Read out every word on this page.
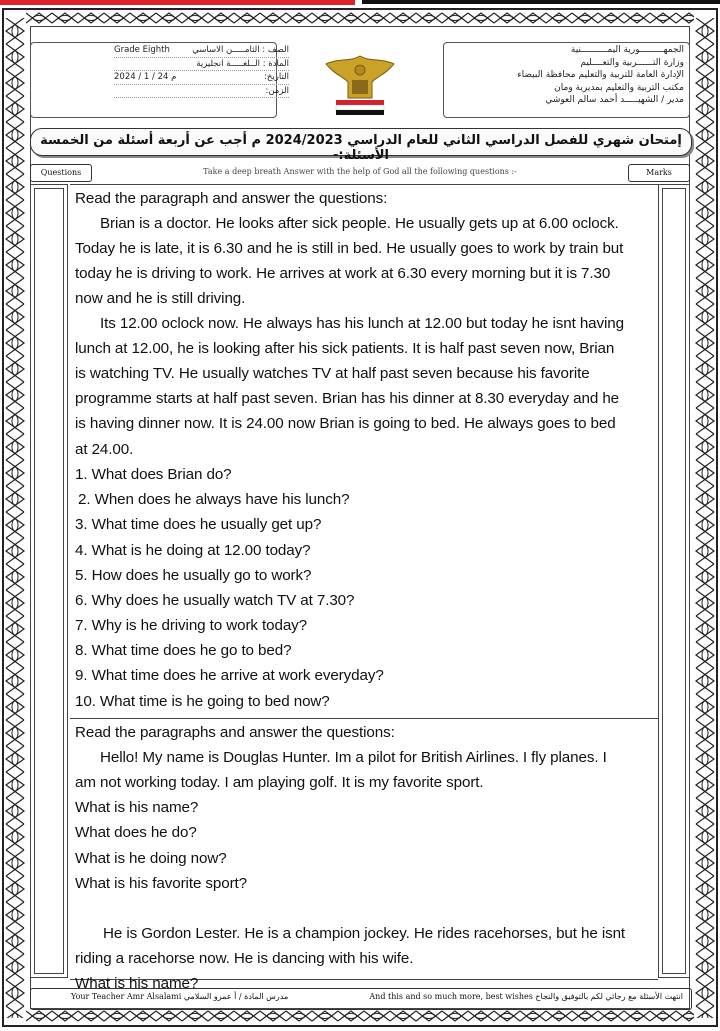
الجمهـــــــــورية اليمــــــــــنية
وزارة التــــــربية والتعــــليم
الإدارة العامة للتربية والتعليم محافظة البيضاء
مكتب التربية والتعليم بمديرية ومان
مدير / الشهيـــــد أحمد سالم العوشي
Grade Eighth	الصف : الثامـــــن الاساسي
المادة : الــلغـــــة انجليزية
2024 / 1 / 24 م	التاريخ:
الزمن:
إمتحان شهري للفصل الدراسي الثاني للعام الدراسي 2024/2023 م أجب عن أربعة أسئلة من الخمسة الأسئلة:-
Questions	Take a deep breath Answer with the help of God all the following questions :-	Marks
Read the paragraph and answer the questions:
Brian is a doctor. He looks after sick people. He usually gets up at 6.00 oclock.
Today he is late, it is 6.30 and he is still in bed. He usually goes to work by train but
today he is driving to work. He arrives at work at 6.30 every morning but it is 7.30
now and he is still driving.
Its 12.00 oclock now. He always has his lunch at 12.00 but today he isnt having
lunch at 12.00, he is looking after his sick patients. It is half past seven now, Brian
is watching TV. He usually watches TV at half past seven because his favorite
programme starts at half past seven. Brian has his dinner at 8.30 everyday and he
is having dinner now. It is 24.00 now Brian is going to bed. He always goes to bed
at 24.00.
1. What does Brian do?
2. When does he always have his lunch?
3. What time does he usually get up?
4. What is he doing at 12.00 today?
5. How does he usually go to work?
6. Why does he usually watch TV at 7.30?
7. Why is he driving to work today?
8. What time does he go to bed?
9. What time does he arrive at work everyday?
10. What time is he going to bed now?
Read the paragraphs and answer the questions:
Hello! My name is Douglas Hunter. Im a pilot for British Airlines. I fly planes. I
am not working today. I am playing golf. It is my favorite sport.
What is his name?
What does he do?
What is he doing now?
What is his favorite sport?
He is Gordon Lester. He is a champion jockey. He rides racehorses, but he isnt
riding a racehorse now. He is dancing with his wife.
What is his name?
Your Teacher Amr Alsalami مدرس المادة / أ عمرو السلامي	And this and so much more, best wishes انتهت الأسئلة مع رجائي لكم بالتوفيق والنجاح
